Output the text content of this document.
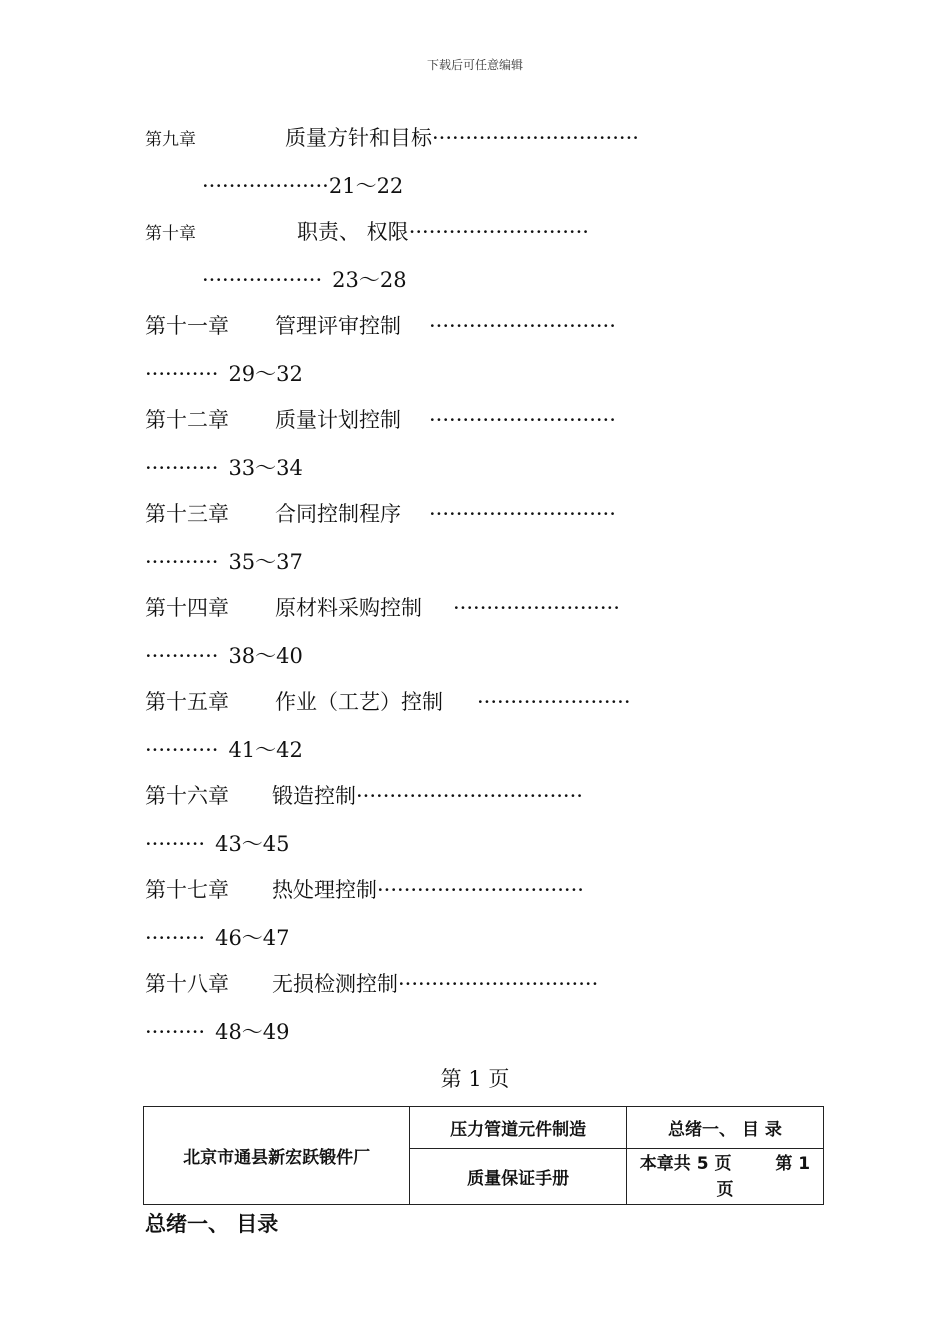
下载后可任意编辑
第九章	质量方针和目标·······························
···················21～22
第十章	职责、 权限···························
·················· 23～28
第十一章 管理评审控制 ····························
··········· 29～32
第十二章 质量计划控制 ····························
··········· 33～34
第十三章 合同控制程序 ····························
··········· 35～37
第十四章 原材料采购控制 ·························
··········· 38～40
第十五章 作业（工艺）控制 ·······················
··········· 41～42
第十六章 锻造控制··································
········· 43～45
第十七章 热处理控制·······························
········· 46～47
第十八章 无损检测控制······························
········· 48～49
第 1 页
北京市通县新宏跃锻件厂	压力管道元件制造	总绪一、 目 录
	质量保证手册	本章共 5 页 第 1 页
总绪一、 目录
